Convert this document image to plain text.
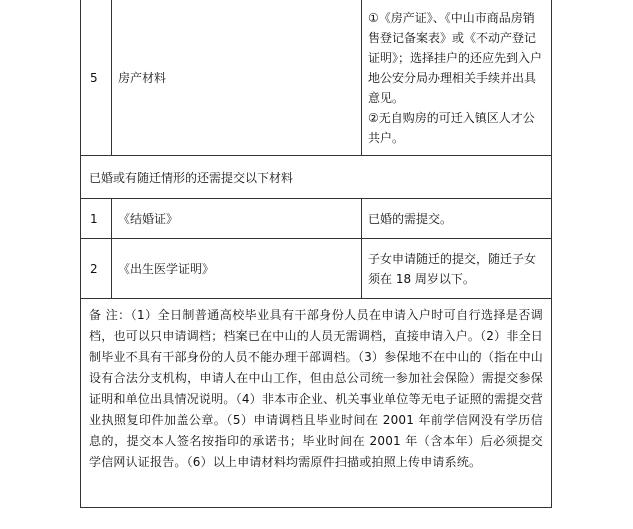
5 房产材料
①《房产证》、《中山市商品房销售登记备案表》或《不动产登记证明》；选择挂户的还应先到入户地公安分局办理相关手续并出具意见。
②无自购房的可迁入镇区人才公共户。
已婚或有随迁情形的还需提交以下材料
1 《结婚证》	已婚的需提交。
2 《出生医学证明》
子女申请随迁的提交，随迁子女须在 18 周岁以下。
备 注：（1）全日制普通高校毕业具有干部身份人员在申请入户时可自行选择是否调档，也可以只申请调档；档案已在中山的人员无需调档，直接申请入户。（2）非全日制毕业不具有干部身份的人员不能办理干部调档。（3）参保地不在中山的（指在中山设有合法分支机构，申请人在中山工作，但由总公司统一参加社会保险）需提交参保证明和单位出具情况说明。（4）非本市企业、机关事业单位等无电子证照的需提交营业执照复印件加盖公章。（5）申请调档且毕业时间在 2001 年前学信网没有学历信息的，提交本人签名按指印的承诺书；毕业时间在 2001 年（含本年）后必须提交学信网认证报告。（6）以上申请材料均需原件扫描或拍照上传申请系统。
